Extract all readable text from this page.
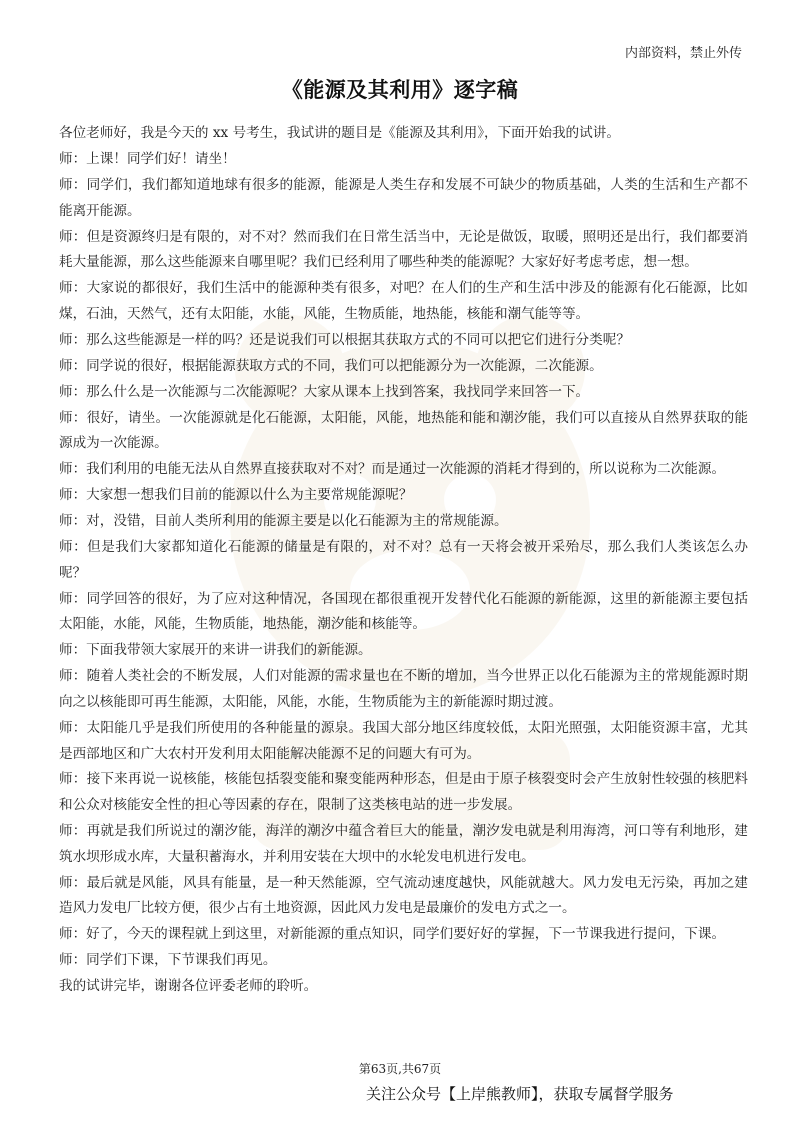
内部资料，禁止外传
《能源及其利用》逐字稿

各位老师好，我是今天的 xx 号考生，我试讲的题目是《能源及其利用》，下面开始我的试讲。

师：上课！同学们好！请坐！

师：同学们，我们都知道地球有很多的能源，能源是人类生存和发展不可缺少的物质基础，人类的生活和生产都不能离开能源。

师：但是资源终归是有限的，对不对？然而我们在日常生活当中，无论是做饭，取暖，照明还是出行，我们都要消耗大量能源，那么这些能源来自哪里呢？我们已经利用了哪些种类的能源呢？大家好好考虑考虑，想一想。

师：大家说的都很好，我们生活中的能源种类有很多，对吧？在人们的生产和生活中涉及的能源有化石能源，比如煤，石油，天然气，还有太阳能，水能，风能，生物质能，地热能，核能和潮气能等等。

师：那么这些能源是一样的吗？还是说我们可以根据其获取方式的不同可以把它们进行分类呢？

师：同学说的很好，根据能源获取方式的不同，我们可以把能源分为一次能源，二次能源。

师：那么什么是一次能源与二次能源呢？大家从课本上找到答案，我找同学来回答一下。

师：很好，请坐。一次能源就是化石能源，太阳能，风能，地热能和能和潮汐能，我们可以直接从自然界获取的能源成为一次能源。

师：我们利用的电能无法从自然界直接获取对不对？而是通过一次能源的消耗才得到的，所以说称为二次能源。

师：大家想一想我们目前的能源以什么为主要常规能源呢？

师：对，没错，目前人类所利用的能源主要是以化石能源为主的常规能源。

师：但是我们大家都知道化石能源的储量是有限的，对不对？总有一天将会被开采殆尽，那么我们人类该怎么办呢？

师：同学回答的很好，为了应对这种情况，各国现在都很重视开发替代化石能源的新能源，这里的新能源主要包括太阳能，水能，风能，生物质能，地热能，潮汐能和核能等。

师：下面我带领大家展开的来讲一讲我们的新能源。

师：随着人类社会的不断发展，人们对能源的需求量也在不断的增加，当今世界正以化石能源为主的常规能源时期向之以核能即可再生能源，太阳能，风能，水能，生物质能为主的新能源时期过渡。

师：太阳能几乎是我们所使用的各种能量的源泉。我国大部分地区纬度较低，太阳光照强，太阳能资源丰富，尤其是西部地区和广大农村开发利用太阳能解决能源不足的问题大有可为。

师：接下来再说一说核能，核能包括裂变能和聚变能两种形态，但是由于原子核裂变时会产生放射性较强的核肥料和公众对核能安全性的担心等因素的存在，限制了这类核电站的进一步发展。

师：再就是我们所说过的潮汐能，海洋的潮汐中蕴含着巨大的能量，潮汐发电就是利用海湾，河口等有利地形，建筑水坝形成水库，大量积蓄海水，并利用安装在大坝中的水轮发电机进行发电。

师：最后就是风能，风具有能量，是一种天然能源，空气流动速度越快，风能就越大。风力发电无污染，再加之建造风力发电厂比较方便，很少占有土地资源，因此风力发电是最廉价的发电方式之一。

师：好了，今天的课程就上到这里，对新能源的重点知识，同学们要好好的掌握，下一节课我进行提问，下课。

师：同学们下课，下节课我们再见。

我的试讲完毕，谢谢各位评委老师的聆听。

第63页,共67页
关注公众号【上岸熊教师】，获取专属督学服务
